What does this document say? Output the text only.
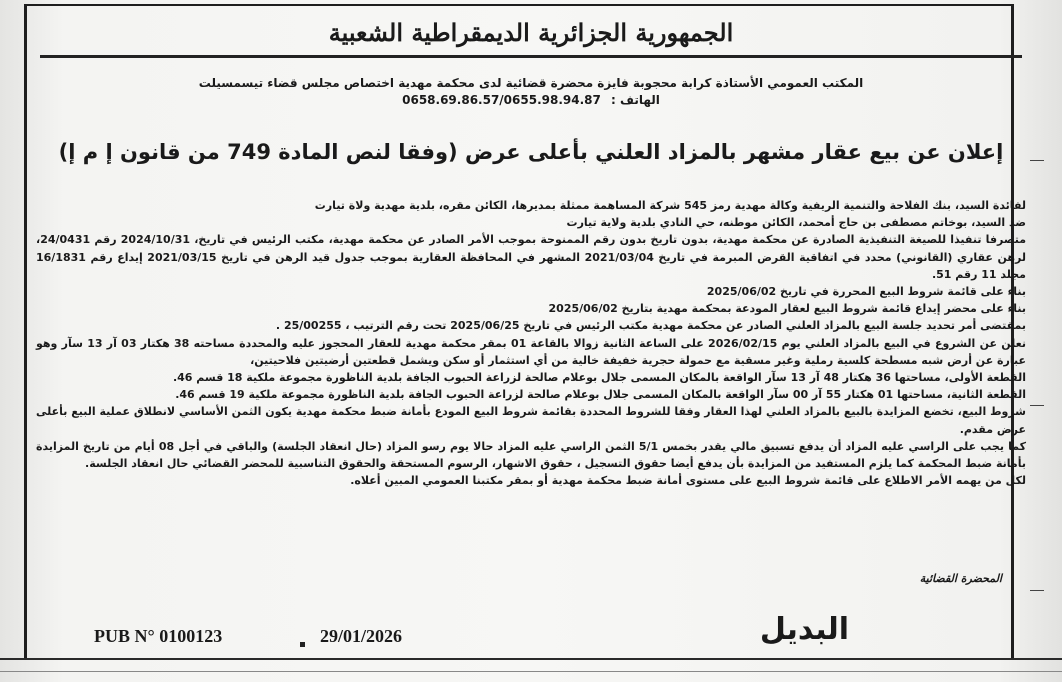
الجمهورية الجزائرية الديمقراطية الشعبية
المكتب العمومي الأستاذة كرابة محجوبة فايزة محضرة قضائية لدى محكمة مهدية اختصاص مجلس قضاء تيسمسيلت
الهاتف : 0658.69.86.57/0655.98.94.87
إعلان عن بيع عقار مشهر بالمزاد العلني بأعلى عرض (وفقا لنص المادة 749 من قانون إ م إ)

لفائدة السيد، بنك الفلاحة والتنمية الريفية وكالة مهدية رمز 545 شركة المساهمة ممثلة بمديرها، الكائن مقره، بلدية مهدية ولاة تيارت

ضد السيد، بوخاتم مصطفى بن حاج أمحمد، الكائن موطنه، حي النادي بلدية ولاية تيارت

متصرفا تنفيذا للصيغة التنفيذية الصادرة عن محكمة مهدية، بدون تاريخ بدون رقم الممنوحة بموجب الأمر الصادر عن محكمة مهدية، مكتب الرئيس في تاريخ، 2024/10/31 رقم 24/0431، لرهن عقاري (القانوني) محدد في اتفاقية القرض المبرمة في تاريخ 2021/03/04 المشهر في المحافظة العقارية بموجب جدول قيد الرهن في تاريخ 2021/03/15 إيداع رقم 16/1831 مجلد 11 رقم 51.

بناء على قائمة شروط البيع المحررة في تاريخ 2025/06/02

بناء على محضر إيداع قائمة شروط البيع لعقار المودعة بمحكمة مهدية بتاريخ 2025/06/02

بمقتضى أمر تحديد جلسة البيع بالمزاد العلني الصادر عن محكمة مهدية مكتب الرئيس في تاريخ 2025/06/25 تحت رقم الترتيب ، 25/00255 .

نعلن عن الشروع في البيع بالمزاد العلني يوم 2026/02/15 على الساعة الثانية زوالا بالقاعة 01 بمقر محكمة مهدية للعقار المحجوز عليه والمحددة مساحته 38 هكتار 03 آر 13 سآر وهو عبارة عن أرض شبه مسطحة كلسية رملية وغير مسقية مع حمولة حجرية خفيفة خالية من أي استثمار أو سكن ويشمل قطعتين أرضيتين فلاحيتين،

القطعة الأولى، مساحتها 36 هكتار 48 آر 13 سآر الواقعة بالمكان المسمى جلال بوعلام صالحة لزراعة الحبوب الجافة بلدية الناظورة مجموعة ملكية 18 قسم 46.

القطعة الثانية، مساحتها 01 هكتار 55 آر 00 سآر الواقعة بالمكان المسمى جلال بوعلام صالحة لزراعة الحبوب الجافة بلدية الناظورة مجموعة ملكية 19 قسم 46.

شروط البيع، تخضع المزايدة بالبيع بالمزاد العلني لهذا العقار وفقا للشروط المحددة بقائمة شروط البيع المودع بأمانة ضبط محكمة مهدية يكون الثمن الأساسي لانطلاق عملية البيع بأعلى عرض مقدم.

كما يجب على الراسي عليه المزاد أن يدفع تسبيق مالي يقدر بخمس 5/1 الثمن الراسي عليه المزاد حالا يوم رسو المزاد (حال انعقاد الجلسة) والباقي في أجل 08 أيام من تاريخ المزايدة بأمانة ضبط المحكمة كما يلزم المستفيد من المزايدة بأن يدفع أيضا حقوق التسجيل ، حقوق الاشهار، الرسوم المستحقة والحقوق التناسبية للمحضر القضائي حال انعقاد الجلسة.

لكل من يهمه الأمر الاطلاع على قائمة شروط البيع على مستوى أمانة ضبط محكمة مهدية أو بمقر مكتبنا العمومي المبين أعلاه.

المحضرة القضائية
PUB N° 0100123	29/01/2026	البديل
